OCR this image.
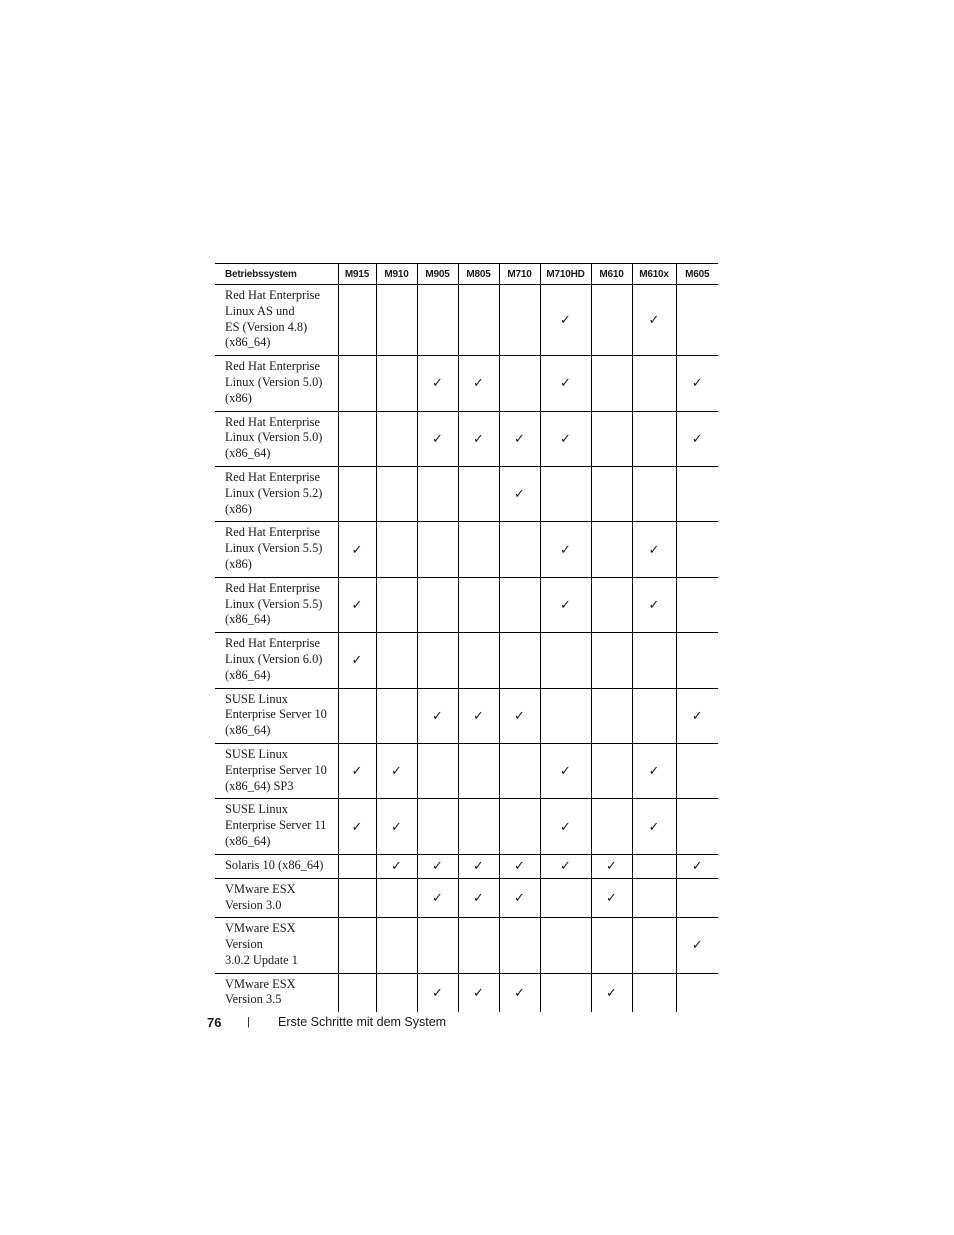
Betriebssystem	M915	M910	M905	M805	M710	M710HD	M610	M610x	M605

Red Hat Enterprise
Linux AS und
ES (Version 4.8)
(x86_64)						✓		✓	

Red Hat Enterprise
Linux (Version 5.0)
(x86)			✓	✓		✓			✓

Red Hat Enterprise
Linux (Version 5.0)
(x86_64)			✓	✓	✓	✓			✓

Red Hat Enterprise
Linux (Version 5.2)
(x86)					✓				

Red Hat Enterprise
Linux (Version 5.5)
(x86)	✓					✓		✓	

Red Hat Enterprise
Linux (Version 5.5)
(x86_64)	✓					✓		✓	

Red Hat Enterprise
Linux (Version 6.0)
(x86_64)	✓								

SUSE Linux
Enterprise Server 10
(x86_64)			✓	✓	✓				✓

SUSE Linux
Enterprise Server 10
(x86_64) SP3	✓	✓				✓		✓	

SUSE Linux
Enterprise Server 11
(x86_64)	✓	✓				✓		✓	

Solaris 10 (x86_64)		✓	✓	✓	✓	✓	✓		✓

VMware ESX
Version 3.0			✓	✓	✓		✓		

VMware ESX Version
3.0.2 Update 1									✓

VMware ESX
Version 3.5			✓	✓	✓		✓		
76 | Erste Schritte mit dem System
